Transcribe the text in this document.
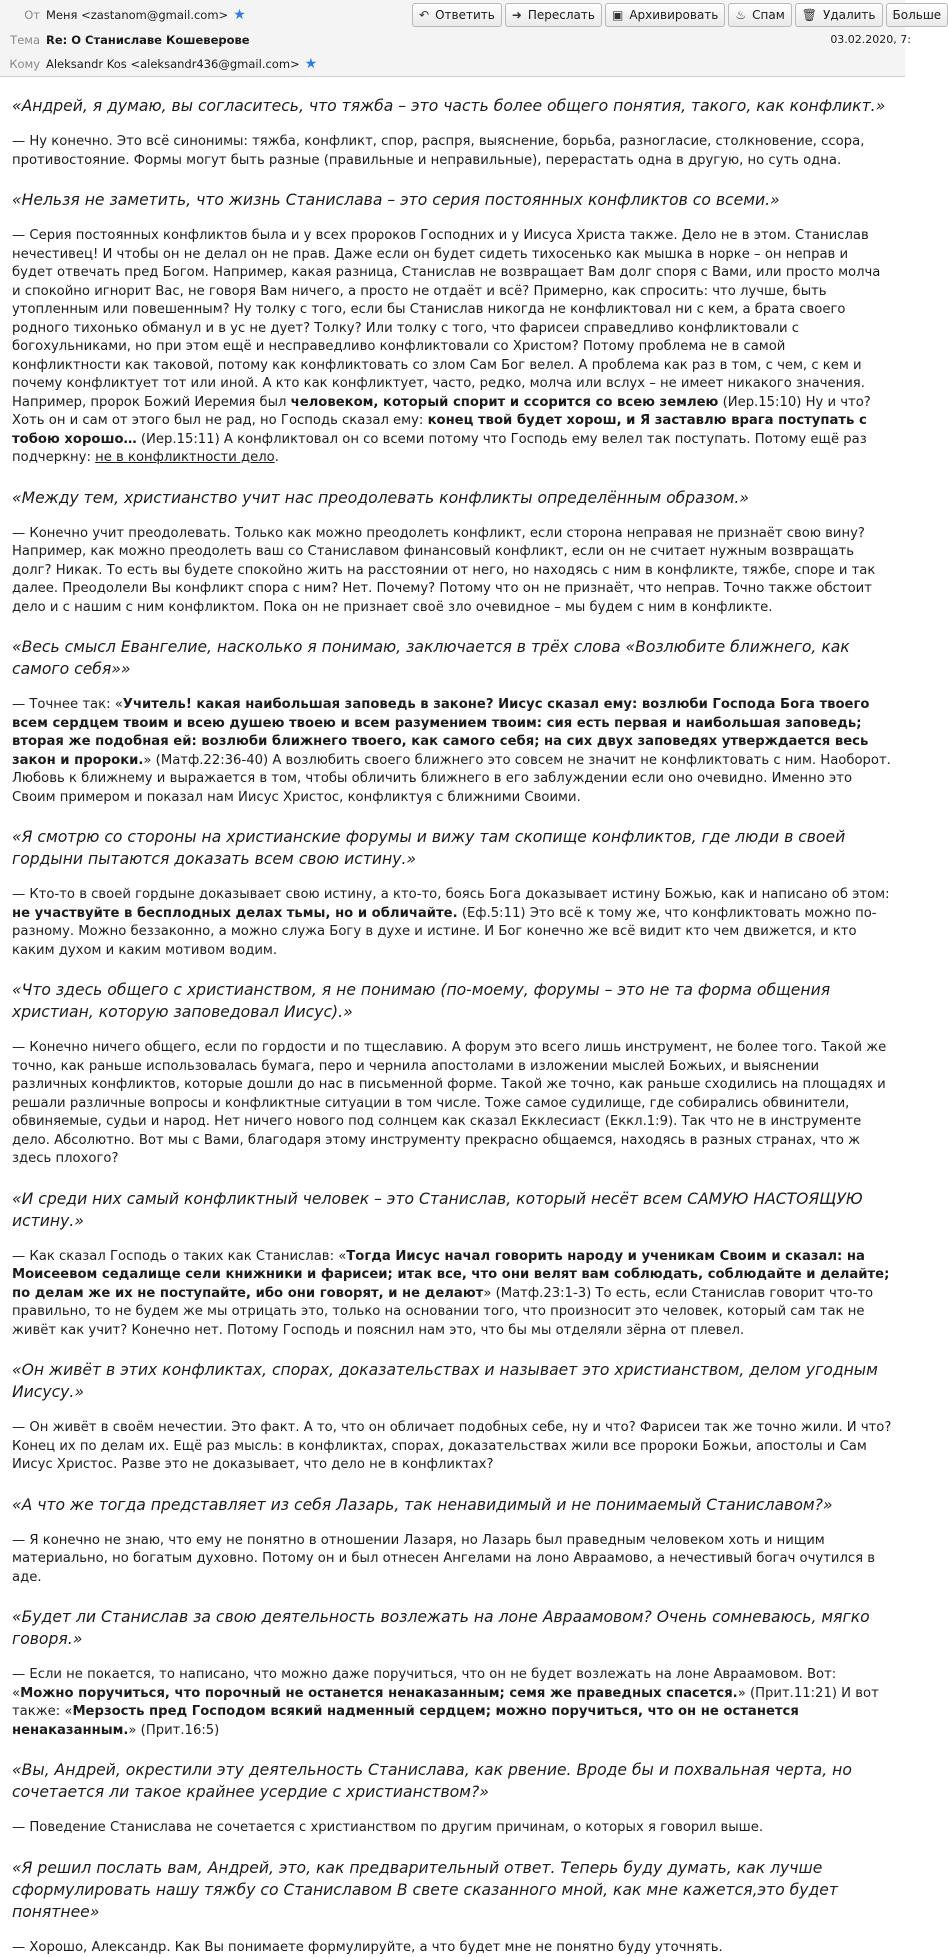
От Меня <zastanom@gmail.com> ★
Тема Re: О Станиславе Кошеверове
Кому Aleksandr Kos <aleksandr436@gmail.com> ★
↶ Ответить ➜ Переслать ▣ Архивировать ♨ Спам 🗑 Удалить Больше
03.02.2020, 7:

«Андрей, я думаю, вы согласитесь, что тяжба – это часть более общего понятия, такого, как конфликт.»

— Ну конечно. Это всё синонимы: тяжба, конфликт, спор, распря, выяснение, борьба, разногласие, столкновение, ссора, противостояние. Формы могут быть разные (правильные и неправильные), перерастать одна в другую, но суть одна.

«Нельзя не заметить, что жизнь Станислава – это серия постоянных конфликтов со всеми.»

— Серия постоянных конфликтов была и у всех пророков Господних и у Иисуса Христа также. Дело не в этом. Станислав нечестивец! И чтобы он не делал он не прав. Даже если он будет сидеть тихосенько как мышка в норке – он неправ и будет отвечать пред Богом. Например, какая разница, Станислав не возвращает Вам долг споря с Вами, или просто молча и спокойно игнорит Вас, не говоря Вам ничего, а просто не отдаёт и всё? Примерно, как спросить: что лучше, быть утопленным или повешенным? Ну толку с того, если бы Станислав никогда не конфликтовал ни с кем, а брата своего родного тихонько обманул и в ус не дует? Толку? Или толку с того, что фарисеи справедливо конфликтовали с богохульниками, но при этом ещё и несправедливо конфликтовали со Христом? Потому проблема не в самой конфликтности как таковой, потому как конфликтовать со злом Сам Бог велел. А проблема как раз в том, с чем, с кем и почему конфликтует тот или иной. А кто как конфликтует, часто, редко, молча или вслух – не имеет никакого значения. Например, пророк Божий Иеремия был человеком, который спорит и ссорится со всею землею (Иер.15:10) Ну и что? Хоть он и сам от этого был не рад, но Господь сказал ему: конец твой будет хорош, и Я заставлю врага поступать с тобою хорошо… (Иер.15:11) А конфликтовал он со всеми потому что Господь ему велел так поступать. Потому ещё раз подчеркну: не в конфликтности дело.

«Между тем, христианство учит нас преодолевать конфликты определённым образом.»

— Конечно учит преодолевать. Только как можно преодолеть конфликт, если сторона неправая не признаёт свою вину? Например, как можно преодолеть ваш со Станиславом финансовый конфликт, если он не считает нужным возвращать долг? Никак. То есть вы будете спокойно жить на расстоянии от него, но находясь с ним в конфликте, тяжбе, споре и так далее. Преодолели Вы конфликт спора с ним? Нет. Почему? Потому что он не признаёт, что неправ. Точно также обстоит дело и с нашим с ним конфликтом. Пока он не признает своё зло очевидное – мы будем с ним в конфликте.

«Весь смысл Евангелие, насколько я понимаю, заключается в трёх слова «Возлюбите ближнего, как самого себя»»

— Точнее так: «Учитель! какая наибольшая заповедь в законе? Иисус сказал ему: возлюби Господа Бога твоего всем сердцем твоим и всею душею твоею и всем разумением твоим: сия есть первая и наибольшая заповедь; вторая же подобная ей: возлюби ближнего твоего, как самого себя; на сих двух заповедях утверждается весь закон и пророки.» (Матф.22:36-40) А возлюбить своего ближнего это совсем не значит не конфликтовать с ним. Наоборот. Любовь к ближнему и выражается в том, чтобы обличить ближнего в его заблуждении если оно очевидно. Именно это Своим примером и показал нам Иисус Христос, конфликтуя с ближними Своими.

«Я смотрю со стороны на христианские форумы и вижу там скопище конфликтов, где люди в своей гордыни пытаются доказать всем свою истину.»

— Кто-то в своей гордыне доказывает свою истину, а кто-то, боясь Бога доказывает истину Божью, как и написано об этом: не участвуйте в бесплодных делах тьмы, но и обличайте. (Еф.5:11) Это всё к тому же, что конфликтовать можно по-разному. Можно беззаконно, а можно служа Богу в духе и истине. И Бог конечно же всё видит кто чем движется, и кто каким духом и каким мотивом водим.

«Что здесь общего с христианством, я не понимаю (по-моему, форумы – это не та форма общения христиан, которую заповедовал Иисус).»

— Конечно ничего общего, если по гордости и по тщеславию. А форум это всего лишь инструмент, не более того. Такой же точно, как раньше использовалась бумага, перо и чернила апостолами в изложении мыслей Божьих, и выяснении различных конфликтов, которые дошли до нас в письменной форме. Такой же точно, как раньше сходились на площадях и решали различные вопросы и конфликтные ситуации в том числе. Тоже самое судилище, где собирались обвинители, обвиняемые, судьи и народ. Нет ничего нового под солнцем как сказал Екклесиаст (Еккл.1:9). Так что не в инструменте дело. Абсолютно. Вот мы с Вами, благодаря этому инструменту прекрасно общаемся, находясь в разных странах, что ж здесь плохого?

«И среди них самый конфликтный человек – это Станислав, который несёт всем САМУЮ НАСТОЯЩУЮ истину.»

— Как сказал Господь о таких как Станислав: «Тогда Иисус начал говорить народу и ученикам Своим и сказал: на Моисеевом седалище сели книжники и фарисеи; итак все, что они велят вам соблюдать, соблюдайте и делайте; по делам же их не поступайте, ибо они говорят, и не делают» (Матф.23:1-3) То есть, если Станислав говорит что-то правильно, то не будем же мы отрицать это, только на основании того, что произносит это человек, который сам так не живёт как учит? Конечно нет. Потому Господь и пояснил нам это, что бы мы отделяли зёрна от плевел.

«Он живёт в этих конфликтах, спорах, доказательствах и называет это христианством, делом угодным Иисусу.»

— Он живёт в своём нечестии. Это факт. А то, что он обличает подобных себе, ну и что? Фарисеи так же точно жили. И что? Конец их по делам их. Ещё раз мысль: в конфликтах, спорах, доказательствах жили все пророки Божьи, апостолы и Сам Иисус Христос. Разве это не доказывает, что дело не в конфликтах?

«А что же тогда представляет из себя Лазарь, так ненавидимый и не понимаемый Станиславом?»

— Я конечно не знаю, что ему не понятно в отношении Лазаря, но Лазарь был праведным человеком хоть и нищим материально, но богатым духовно. Потому он и был отнесен Ангелами на лоно Авраамово, а нечестивый богач очутился в аде.

«Будет ли Станислав за свою деятельность возлежать на лоне Авраамовом? Очень сомневаюсь, мягко говоря.»

— Если не покается, то написано, что можно даже поручиться, что он не будет возлежать на лоне Авраамовом. Вот: «Можно поручиться, что порочный не останется ненаказанным; семя же праведных спасется.» (Прит.11:21) И вот также: «Мерзость пред Господом всякий надменный сердцем; можно поручиться, что он не останется ненаказанным.» (Прит.16:5)

«Вы, Андрей, окрестили эту деятельность Станислава, как рвение. Вроде бы и похвальная черта, но сочетается ли такое крайнее усердие с христианством?»

— Поведение Станислава не сочетается с христианством по другим причинам, о которых я говорил выше.

«Я решил послать вам, Андрей, это, как предварительный ответ. Теперь буду думать, как лучше сформулировать нашу тяжбу со Станиславом В свете сказанного мной, как мне кажется,это будет понятнее»

— Хорошо, Александр. Как Вы понимаете формулируйте, а что будет мне не понятно буду уточнять.
